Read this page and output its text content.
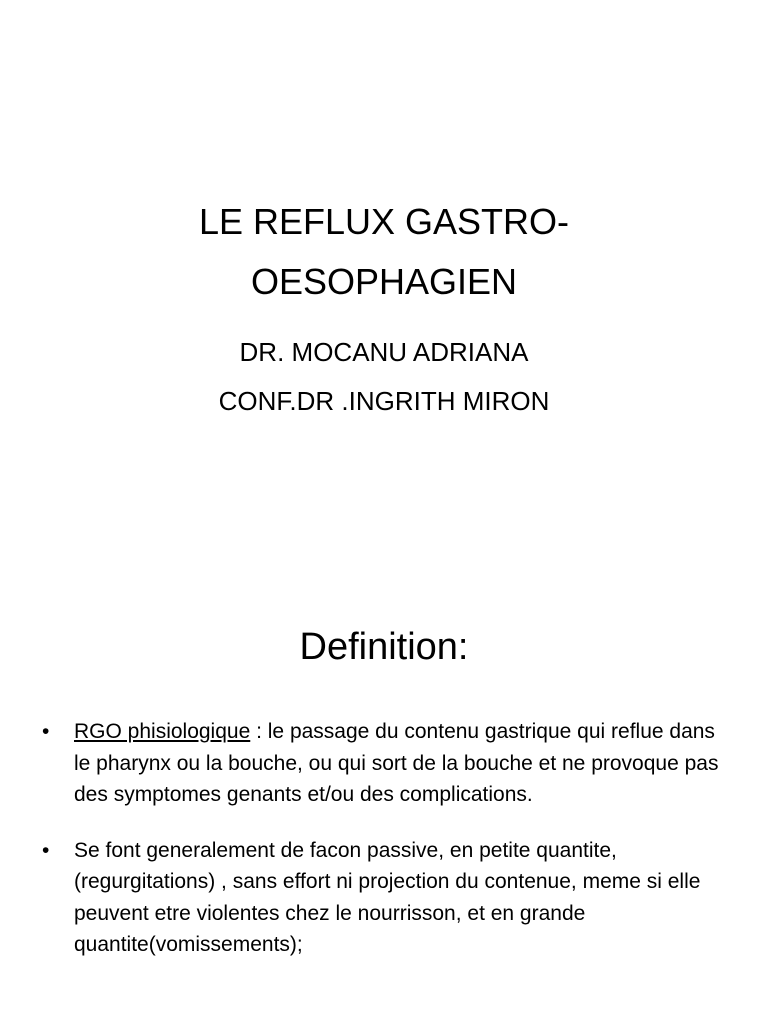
LE REFLUX GASTRO-
OESOPHAGIEN

DR. MOCANU ADRIANA

CONF.DR .INGRITH MIRON

Definition:
• RGO phisiologique : le passage du contenu gastrique qui reflue dans le pharynx ou la bouche, ou qui sort de la bouche et ne provoque pas des symptomes genants et/ou des complications.
• Se font generalement de facon passive, en petite quantite, (regurgitations) , sans effort ni projection du contenue, meme si elle peuvent etre violentes chez le nourrisson, et en grande quantite(vomissements);
